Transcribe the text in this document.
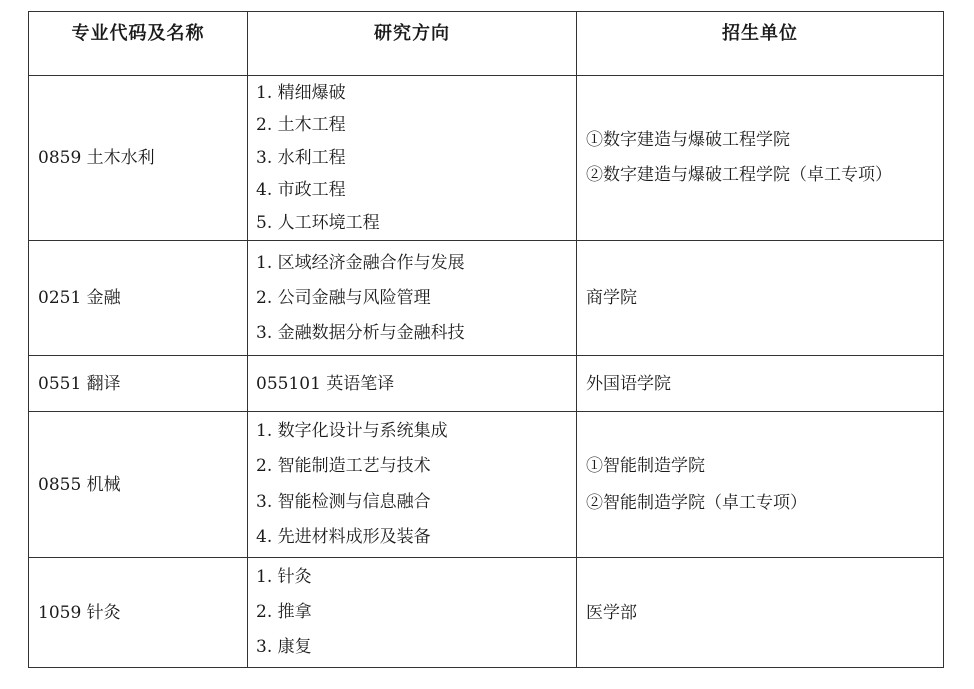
专业代码及名称	研究方向	招生单位
0859 土木水利	1. 精细爆破
2. 土木工程
3. 水利工程
4. 市政工程
5. 人工环境工程	①数字建造与爆破工程学院
②数字建造与爆破工程学院（卓工专项）

0251 金融	1. 区域经济金融合作与发展
2. 公司金融与风险管理
3. 金融数据分析与金融科技	商学院
0551 翻译	055101 英语笔译	外国语学院
0855 机械	1. 数字化设计与系统集成
2. 智能制造工艺与技术
3. 智能检测与信息融合
4. 先进材料成形及装备	①智能制造学院
②智能制造学院（卓工专项）

1059 针灸	1. 针灸
2. 推拿
3. 康复	医学部
